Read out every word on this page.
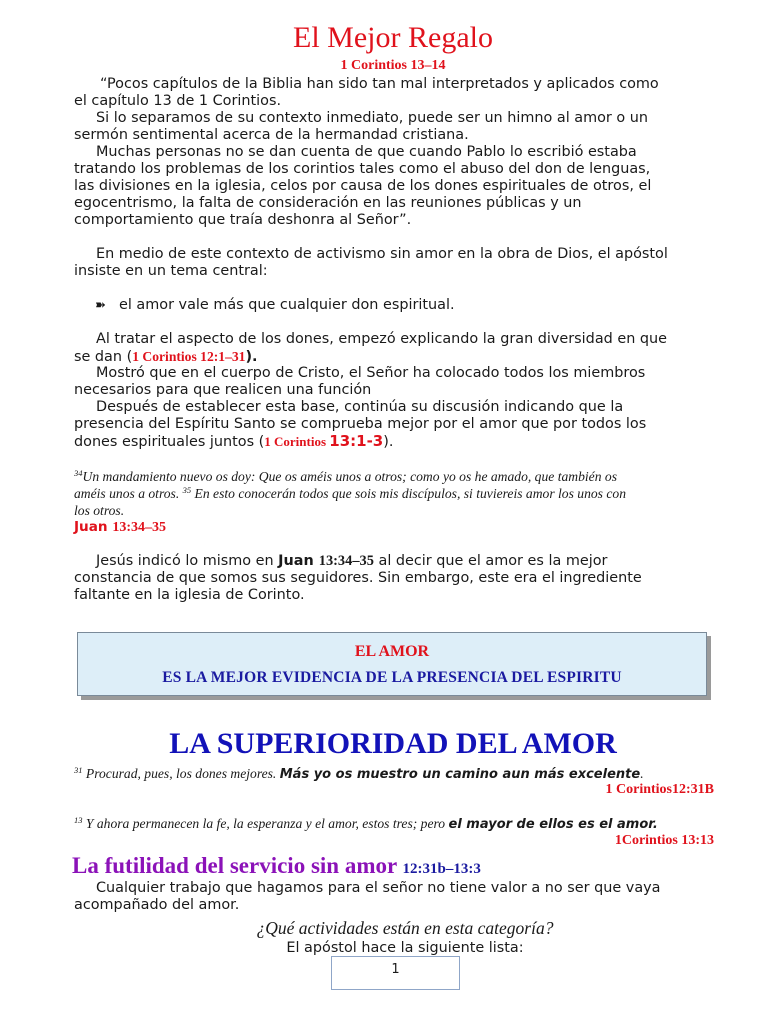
El Mejor Regalo
1 Corintios 13–14

“Pocos capítulos de la Biblia han sido tan mal interpretados y aplicados como

el capítulo 13 de 1 Corintios.

Si lo separamos de su contexto inmediato, puede ser un himno al amor o un

sermón sentimental acerca de la hermandad cristiana.

Muchas personas no se dan cuenta de que cuando Pablo lo escribió estaba

tratando los problemas de los corintios tales como el abuso del don de lenguas,

las divisiones en la iglesia, celos por causa de los dones espirituales de otros, el

egocentrismo, la falta de consideración en las reuniones públicas y un

comportamiento que traía deshonra al Señor”.

En medio de este contexto de activismo sin amor en la obra de Dios, el apóstol

insiste en un tema central:

➽ el amor vale más que cualquier don espiritual.

Al tratar el aspecto de los dones, empezó explicando la gran diversidad en que

se dan (1 Corintios 12:1–31).

Mostró que en el cuerpo de Cristo, el Señor ha colocado todos los miembros

necesarios para que realicen una función

Después de establecer esta base, continúa su discusión indicando que la

presencia del Espíritu Santo se comprueba mejor por el amor que por todos los

dones espirituales juntos (1 Corintios 13:1-3).

$^{34}$Un mandamiento nuevo os doy: Que os améis unos a otros; como yo os he amado, que también os

améis unos a otros. $^{35}$ En esto conocerán todos que sois mis discípulos, si tuviereis amor los unos con

los otros.

Juan 13:34–35

Jesús indicó lo mismo en Juan 13:34–35 al decir que el amor es la mejor

constancia de que somos sus seguidores. Sin embargo, este era el ingrediente

faltante en la iglesia de Corinto.

EL AMOR
ES LA MEJOR EVIDENCIA DE LA PRESENCIA DEL ESPIRITU
LA SUPERIORIDAD DEL AMOR

$^{31}$ Procurad, pues, los dones mejores. Más yo os muestro un camino aun más excelente.

1 Corintios12:31B

$^{13}$ Y ahora permanecen la fe, la esperanza y el amor, estos tres; pero el mayor de ellos es el amor.

1Corintios 13:13
La futilidad del servicio sin amor 12:31b–13:3

Cualquier trabajo que hagamos para el señor no tiene valor a no ser que vaya

acompañado del amor.

¿Qué actividades están en esta categoría?
El apóstol hace la siguiente lista:
1
